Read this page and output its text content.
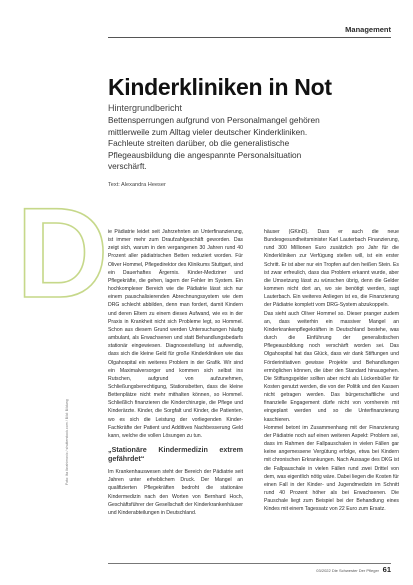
Management
Kinderkliniken in Not
Hintergrundbericht
Bettensperrungen aufgrund von Personalmangel gehören
mittlerweile zum Alltag vieler deutscher Kinderkliniken.
Fachleute streiten darüber, ob die generalistische
Pflegeausbildung die angespannte Personalsituation
verschärft.
Text: Alexandra Heeser
D
Foto: Ita Ibrahimovic / shutterstock.com / Bild: Bildung

ie Pädiatrie leidet seit Jahrzehnten an Unterfinanzierung, ist immer mehr zum Draufzahlgeschäft geworden. Das zeigt sich, warum in den vergangenen 30 Jahren rund 40 Prozent aller pädiatrischen Betten reduziert worden. Für Oliver Hommel, Pflegedirektor des Klinikums Stuttgart, sind ein Dauerhaftes Ärgernis. Kinder-Mediziner und Pflegekräfte, die gehen, lagern der Fehler im System. Ein hochkomplexer Bereich wie die Pädiatrie lässt sich nur einem pauschalisierenden Abrechnungssystem wie dem DRG schlecht abbilden, denn man fordert, damit Kindern und deren Eltern zu einem dieses Aufwand, wie es in der Praxis in Krankheit nicht sich Probleme legt, so Hommel. Schon aus diesem Grund werden Untersuchungen häufig ambulant, als Erwachsenen und statt Behandlungsbedarfs stationär eingewiesen. Diagnosestellung ist aufwendig, dass sich die kleine Geld für große Kinderkliniken wie das Olgahospital ein weiteres Problem in der Grafik. Wir sind ein Maximalversorger und kommen sich selbst ins Rutschen, aufgrund von aufzunehmen, Schließungsberechtigung, Stationsbetten, dass die kleine Bettenplätze nicht mehr mithalten können, so Hommel. Schließlich finanzieren die Kinderchirurgie, die Pflege und Kinderärzte. Kinder, die Sorgfalt und Kinder, die Patienten, wo es sich die Leistung der vorliegenden Kinder-Fachkräfte der Patient und Additives Nachbesserung Geld kann, welche die vollen Lösungen zu tun.

„Stationäre Kindermedizin extrem gefährdet“

Im Krankenhauswesen steht der Bereich der Pädiatrie seit Jahren unter erheblichem Druck. Der Mangel an qualifizierten Pflegekräften bedroht die stationäre Kindermedizin nach den Worten von Bernhard Hoch, Geschäftsführer der Gesellschaft der Kinderkrankenhäuser und Kinderabteilungen in Deutschland.

häuser (GKinD). Dass er auch die neue Bundesgesundheitsminister Karl Lauterbach Finanzierung, rund 300 Millionen Euro zusätzlich pro Jahr für die Kinderkliniken zur Verfügung stellen will, ist ein erster Schritt. Er ist aber nur ein Tropfen auf den heißen Stein. Es ist zwar erfreulich, dass das Problem erkannt wurde, aber die Umsetzung lässt zu wünschen übrig, denn die Gelder kommen nicht dort an, wo sie benötigt werden, sagt Lauterbach. Ein weiteres Anliegen ist es, die Finanzierung der Pädiatrie komplett vom DRG-System abzukoppeln.

Das sieht auch Oliver Hommel so. Dieser pranger zudem an, dass weiterhin ein massiver Mangel an Kinderkrankenpflegekräften in Deutschland bestehe, was durch die Einführung der generalistischen Pflegeausbildung noch verschärft worden sei. Das Olgahospital hat das Glück, dass wir dank Stiftungen und Förderinitiativen gewisse Projekte und Behandlungen ermöglichen können, die über den Standard hinausgehen. Die Stiftungsgelder sollten aber nicht als Lückenbüßer für Kosten genutzt werden, die von der Politik und den Kassen nicht getragen werden. Das bürgerschaftliche und finanzielle Engagement dürfe nicht von vornherein mit eingeplant werden und so die Unterfinanzierung kaschieren.

Hommel betont im Zusammenhang mit der Finanzierung der Pädiatrie noch auf einen weiteren Aspekt: Problem sei, dass im Rahmen der Fallpauschalen in vielen Fällen gar keine angemessene Vergütung erfolge, etwa bei Kindern mit chronischen Erkrankungen. Nach Aussage des DKG ist die Fallpauschale in vielen Fällen rund zwei Drittel von dem, was eigentlich nötig wäre. Dabei liegen die Kosten für einen Fall in der Kinder- und Jugendmedizin im Schnitt rund 40 Prozent höher als bei Erwachsenen. Die Pauschale liegt zum Beispiel bei der Behandlung eines Kindes mit einem Tagessatz von 22 Euro zum Ersatz.

03/2022 Die Schwester Der Pfleger 61
